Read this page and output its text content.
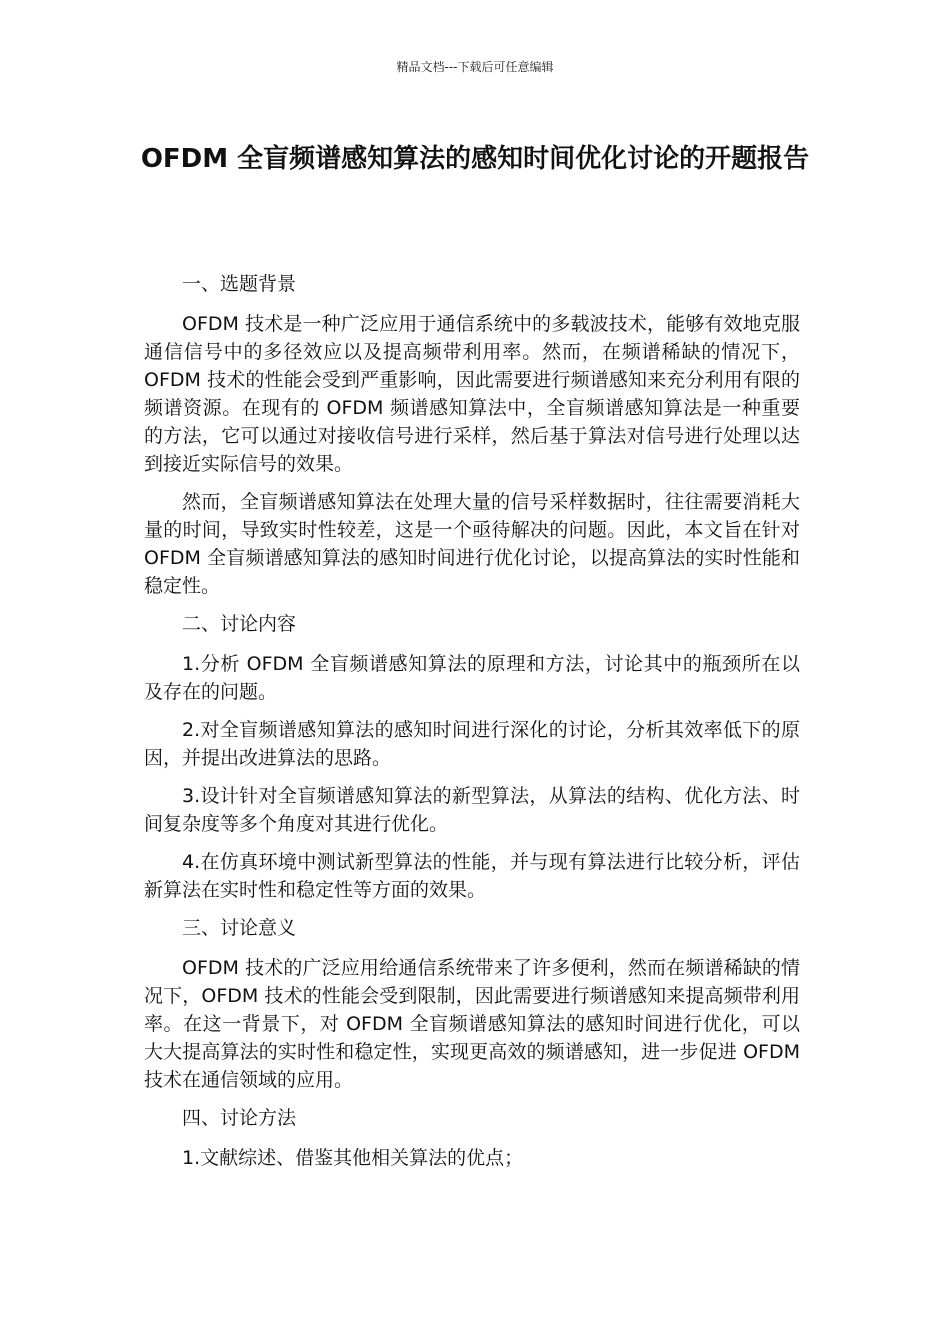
精品文档---下载后可任意编辑
OFDM 全盲频谱感知算法的感知时间优化讨论的开题报告
一、选题背景

OFDM 技术是一种广泛应用于通信系统中的多载波技术，能够有效地克服通信信号中的多径效应以及提高频带利用率。然而，在频谱稀缺的情况下，OFDM 技术的性能会受到严重影响，因此需要进行频谱感知来充分利用有限的频谱资源。在现有的 OFDM 频谱感知算法中，全盲频谱感知算法是一种重要的方法，它可以通过对接收信号进行采样，然后基于算法对信号进行处理以达到接近实际信号的效果。

然而，全盲频谱感知算法在处理大量的信号采样数据时，往往需要消耗大量的时间，导致实时性较差，这是一个亟待解决的问题。因此，本文旨在针对 OFDM 全盲频谱感知算法的感知时间进行优化讨论，以提高算法的实时性能和稳定性。

二、讨论内容

1.分析 OFDM 全盲频谱感知算法的原理和方法，讨论其中的瓶颈所在以及存在的问题。

2.对全盲频谱感知算法的感知时间进行深化的讨论，分析其效率低下的原因，并提出改进算法的思路。

3.设计针对全盲频谱感知算法的新型算法，从算法的结构、优化方法、时间复杂度等多个角度对其进行优化。

4.在仿真环境中测试新型算法的性能，并与现有算法进行比较分析，评估新算法在实时性和稳定性等方面的效果。

三、讨论意义

OFDM 技术的广泛应用给通信系统带来了许多便利，然而在频谱稀缺的情况下，OFDM 技术的性能会受到限制，因此需要进行频谱感知来提高频带利用率。在这一背景下，对 OFDM 全盲频谱感知算法的感知时间进行优化，可以大大提高算法的实时性和稳定性，实现更高效的频谱感知，进一步促进 OFDM 技术在通信领域的应用。

四、讨论方法

1.文献综述、借鉴其他相关算法的优点；
